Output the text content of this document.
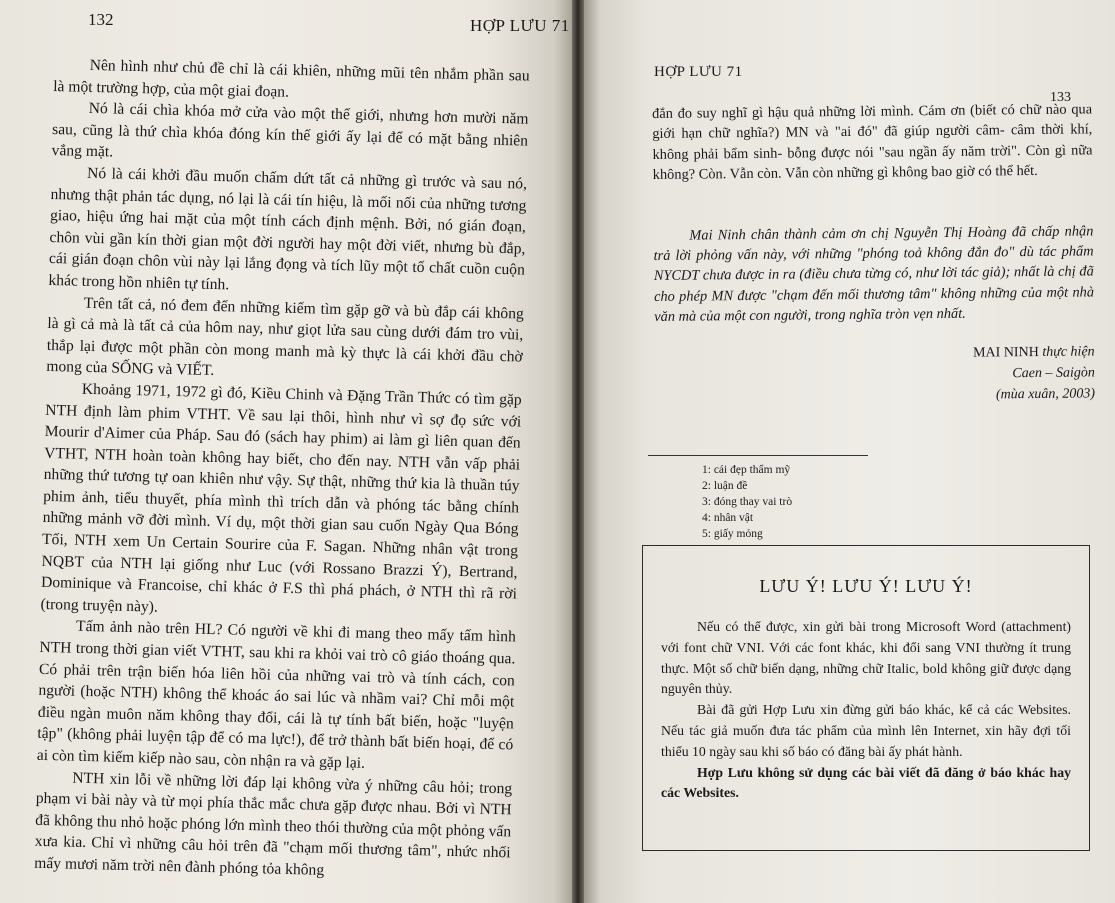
132	HỢP LƯU 71

Nên hình như chủ đề chỉ là cái khiên, những mũi tên nhắm phần sau là một trường hợp, của một giai đoạn.

Nó là cái chìa khóa mở cửa vào một thế giới, nhưng hơn mười năm sau, cũng là thứ chìa khóa đóng kín thế giới ấy lại để có mặt bằng nhiên vắng mặt.

Nó là cái khởi đầu muốn chấm dứt tất cả những gì trước và sau nó, nhưng thật phản tác dụng, nó lại là cái tín hiệu, là mối nối của những tương giao, hiệu ứng hai mặt của một tính cách định mệnh. Bởi, nó gián đoạn, chôn vùi gần kín thời gian một đời người hay một đời viết, nhưng bù đắp, cái gián đoạn chôn vùi này lại lắng đọng và tích lũy một tố chất cuồn cuộn khác trong hồn nhiên tự tính.

Trên tất cả, nó đem đến những kiếm tìm gặp gỡ và bù đắp cái không là gì cả mà là tất cả của hôm nay, như giọt lửa sau cùng dưới đám tro vùi, thắp lại được một phần còn mong manh mà kỳ thực là cái khởi đầu chờ mong của SỐNG và VIẾT.

Khoảng 1971, 1972 gì đó, Kiều Chinh và Đặng Trần Thức có tìm gặp NTH định làm phim VTHT. Về sau lại thôi, hình như vì sợ đọ sức với Mourir d'Aimer của Pháp. Sau đó (sách hay phim) ai làm gì liên quan đến VTHT, NTH hoàn toàn không hay biết, cho đến nay. NTH vẫn vấp phải những thứ tương tự oan khiên như vậy. Sự thật, những thứ kia là thuần túy phim ảnh, tiểu thuyết, phía mình thì trích dẫn và phóng tác bằng chính những mảnh vỡ đời mình. Ví dụ, một thời gian sau cuốn Ngày Qua Bóng Tối, NTH xem Un Certain Sourire của F. Sagan. Những nhân vật trong NQBT của NTH lại giống như Luc (với Rossano Brazzi Ý), Bertrand, Dominique và Francoise, chỉ khác ở F.S thì phá phách, ở NTH thì rã rời (trong truyện này).

Tấm ảnh nào trên HL? Có người về khi đi mang theo mấy tấm hình NTH trong thời gian viết VTHT, sau khi ra khỏi vai trò cô giáo thoáng qua. Có phải trên trận biến hóa liên hồi của những vai trò và tính cách, con người (hoặc NTH) không thể khoác áo sai lúc và nhầm vai? Chỉ mỗi một điều ngàn muôn năm không thay đổi, cái là tự tính bất biến, hoặc "luyện tập" (không phải luyện tập để có ma lực!), để trở thành bất biến hoại, để có ai còn tìm kiếm kiếp nào sau, còn nhận ra và gặp lại.

NTH xin lỗi về những lời đáp lại không vừa ý những câu hỏi; trong phạm vi bài này và từ mọi phía thắc mắc chưa gặp được nhau. Bởi vì NTH đã không thu nhỏ hoặc phóng lớn mình theo thói thường của một phỏng vấn xưa kia. Chỉ vì những câu hỏi trên đã "chạm mối thương tâm", nhức nhối mấy mươi năm trời nên đành phóng tỏa không

HỢP LƯU 71
133

đắn đo suy nghĩ gì hậu quả những lời mình. Cám ơn (biết có chữ nào qua giới hạn chữ nghĩa?) MN và "ai đó" đã giúp người câm- câm thời khí, không phải bẩm sinh- bỗng được nói "sau ngần ấy năm trời". Còn gì nữa không? Còn. Vẫn còn. Vẫn còn những gì không bao giờ có thể hết.

Mai Ninh chân thành cảm ơn chị Nguyễn Thị Hoàng đã chấp nhận trả lời phỏng vấn này, với những "phóng toả không đắn đo" dù tác phẩm NYCDT chưa được in ra (điều chưa từng có, như lời tác giả); nhất là chị đã cho phép MN được "chạm đến mối thương tâm" không những của một nhà văn mà của một con người, trong nghĩa tròn vẹn nhất.

MAI NINH thực hiện
Caen – Saigòn
(mùa xuân, 2003)
1: cái đẹp thẩm mỹ
2: luận đề
3: đóng thay vai trò
4: nhân vật
5: giấy mỏng
LƯU Ý! LƯU Ý! LƯU Ý!

Nếu có thể được, xin gửi bài trong Microsoft Word (attachment) với font chữ VNI. Với các font khác, khi đổi sang VNI thường ít trung thực. Một số chữ biến dạng, những chữ Italic, bold không giữ được dạng nguyên thủy.

Bài đã gửi Hợp Lưu xin đừng gửi báo khác, kể cả các Websites. Nếu tác giả muốn đưa tác phẩm của mình lên Internet, xin hãy đợi tối thiểu 10 ngày sau khi số báo có đăng bài ấy phát hành.

Hợp Lưu không sử dụng các bài viết đã đăng ở báo khác hay các Websites.
